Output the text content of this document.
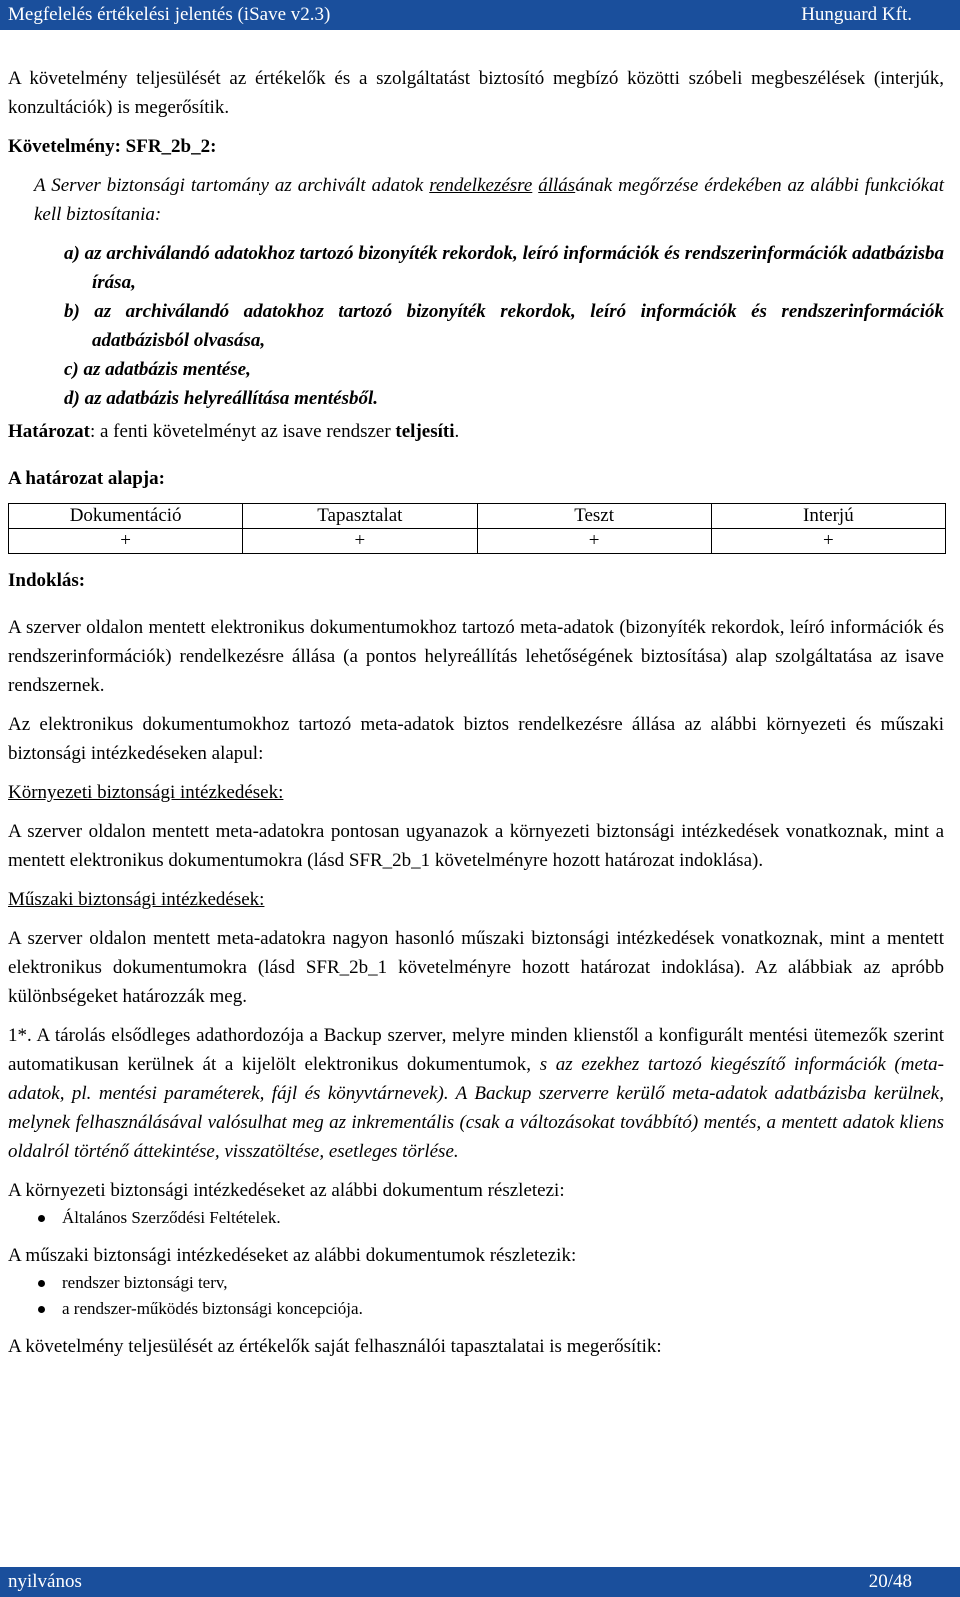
Megfelelés értékelési jelentés (iSave v2.3)	Hunguard Kft.

A követelmény teljesülését az értékelők és a szolgáltatást biztosító megbízó közötti szóbeli megbeszélések (interjúk, konzultációk) is megerősítik.

Követelmény: SFR_2b_2:

A Server biztonsági tartomány az archivált adatok rendelkezésre állásának megőrzése érdekében az alábbi funkciókat kell biztosítania:

a) az archiválandó adatokhoz tartozó bizonyíték rekordok, leíró információk és rendszerinformációk adatbázisba írása,
b) az archiválandó adatokhoz tartozó bizonyíték rekordok, leíró információk és rendszerinformációk adatbázisból olvasása,
c) az adatbázis mentése,
d) az adatbázis helyreállítása mentésből.

Határozat: a fenti követelményt az isave rendszer teljesíti.

A határozat alapja:

Dokumentáció	Tapasztalat	Teszt	Interjú
+	+	+	+

Indoklás:

A szerver oldalon mentett elektronikus dokumentumokhoz tartozó meta-adatok (bizonyíték rekordok, leíró információk és rendszerinformációk) rendelkezésre állása (a pontos helyreállítás lehetőségének biztosítása) alap szolgáltatása az isave rendszernek.

Az elektronikus dokumentumokhoz tartozó meta-adatok biztos rendelkezésre állása az alábbi környezeti és műszaki biztonsági intézkedéseken alapul:

Környezeti biztonsági intézkedések:

A szerver oldalon mentett meta-adatokra pontosan ugyanazok a környezeti biztonsági intézkedések vonatkoznak, mint a mentett elektronikus dokumentumokra (lásd SFR_2b_1 követelményre hozott határozat indoklása).

Műszaki biztonsági intézkedések:

A szerver oldalon mentett meta-adatokra nagyon hasonló műszaki biztonsági intézkedések vonatkoznak, mint a mentett elektronikus dokumentumokra (lásd SFR_2b_1 követelményre hozott határozat indoklása). Az alábbiak az apróbb különbségeket határozzák meg.

1*. A tárolás elsődleges adathordozója a Backup szerver, melyre minden klienstől a konfigurált mentési ütemezők szerint automatikusan kerülnek át a kijelölt elektronikus dokumentumok, s az ezekhez tartozó kiegészítő információk (meta-adatok, pl. mentési paraméterek, fájl és könyvtárnevek). A Backup szerverre kerülő meta-adatok adatbázisba kerülnek, melynek felhasználásával valósulhat meg az inkrementális (csak a változásokat továbbító) mentés, a mentett adatok kliens oldalról történő áttekintése, visszatöltése, esetleges törlése.

A környezeti biztonsági intézkedéseket az alábbi dokumentum részletezi:

Általános Szerződési Feltételek.

A műszaki biztonsági intézkedéseket az alábbi dokumentumok részletezik:

rendszer biztonsági terv,
a rendszer-működés biztonsági koncepciója.

A követelmény teljesülését az értékelők saját felhasználói tapasztalatai is megerősítik:

nyilvános	20/48
